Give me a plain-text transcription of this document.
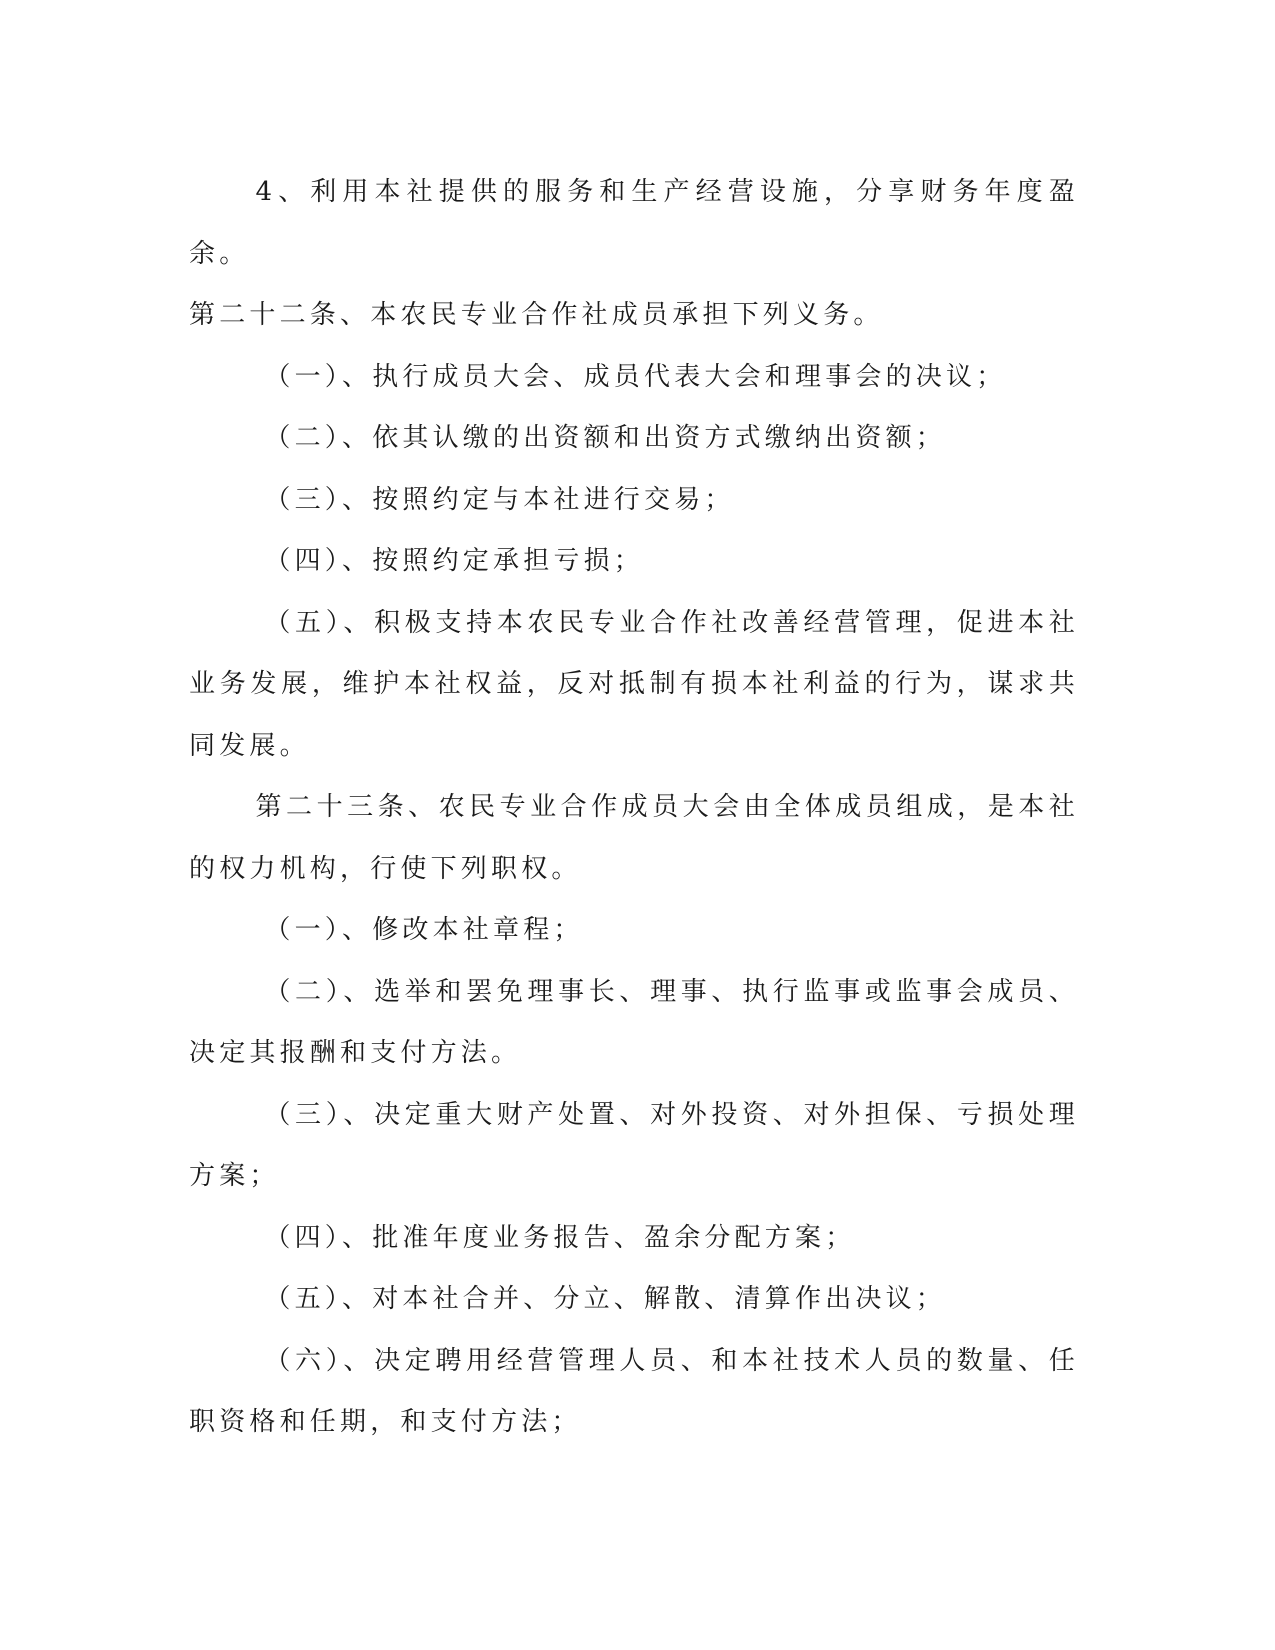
4、利用本社提供的服务和生产经营设施，分享财务年度盈余。

第二十二条、本农民专业合作社成员承担下列义务。

（一）、执行成员大会、成员代表大会和理事会的决议；

（二）、依其认缴的出资额和出资方式缴纳出资额；

（三）、按照约定与本社进行交易；

（四）、按照约定承担亏损；

（五）、积极支持本农民专业合作社改善经营管理，促进本社业务发展，维护本社权益，反对抵制有损本社利益的行为，谋求共同发展。

第二十三条、农民专业合作成员大会由全体成员组成，是本社的权力机构，行使下列职权。

（一）、修改本社章程；

（二）、选举和罢免理事长、理事、执行监事或监事会成员、决定其报酬和支付方法。

（三）、决定重大财产处置、对外投资、对外担保、亏损处理方案；

（四）、批准年度业务报告、盈余分配方案；

（五）、对本社合并、分立、解散、清算作出决议；

（六）、决定聘用经营管理人员、和本社技术人员的数量、任职资格和任期，和支付方法；
